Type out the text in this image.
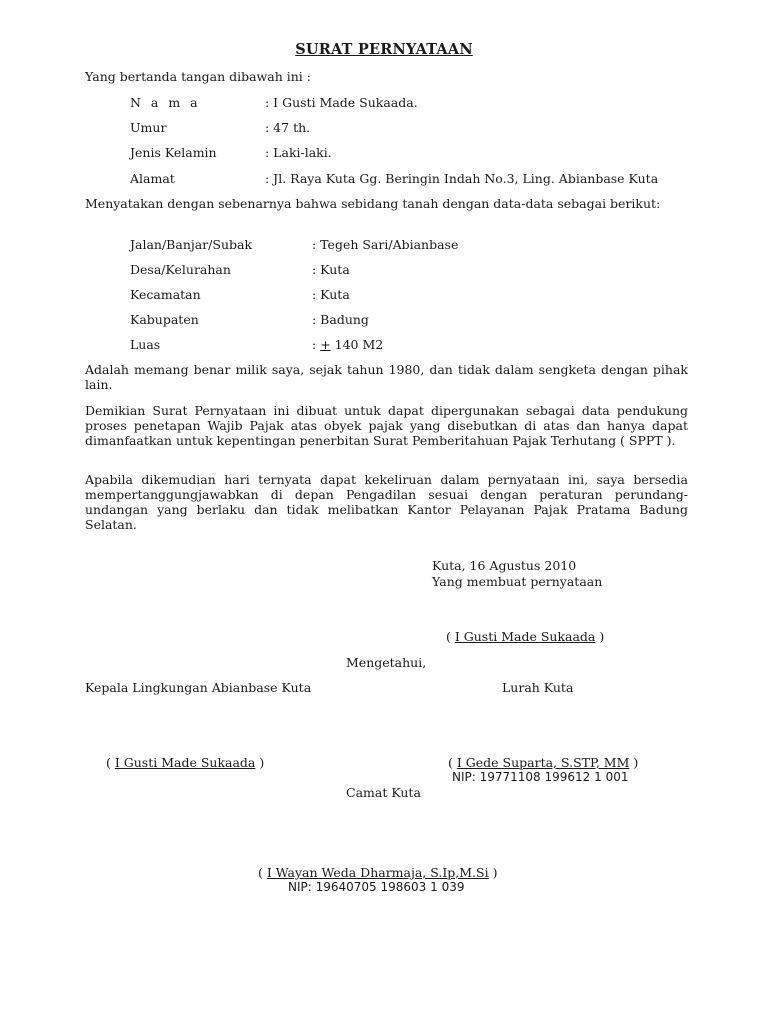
SURAT PERNYATAAN
Yang bertanda tangan dibawah ini :
N a m a	: I Gusti Made Sukaada.
Umur	: 47 th.
Jenis Kelamin	: Laki-laki.
Alamat	: Jl. Raya Kuta Gg. Beringin Indah No.3, Ling. Abianbase Kuta
Menyatakan dengan sebenarnya bahwa sebidang tanah dengan data-data sebagai berikut:
Jalan/Banjar/Subak	: Tegeh Sari/Abianbase
Desa/Kelurahan	: Kuta
Kecamatan	: Kuta
Kabupaten	: Badung
Luas	: + 140 M2
Adalah memang benar milik saya, sejak tahun 1980, dan tidak dalam sengketa dengan pihak lain.
Demikian Surat Pernyataan ini dibuat untuk dapat dipergunakan sebagai data pendukung proses penetapan Wajib Pajak atas obyek pajak yang disebutkan di atas dan hanya dapat dimanfaatkan untuk kepentingan penerbitan Surat Pemberitahuan Pajak Terhutang ( SPPT ).
Apabila dikemudian hari ternyata dapat kekeliruan dalam pernyataan ini, saya bersedia mempertanggungjawabkan di depan Pengadilan sesuai dengan peraturan perundang-undangan yang berlaku dan tidak melibatkan Kantor Pelayanan Pajak Pratama Badung Selatan.
Kuta, 16 Agustus 2010
Yang membuat pernyataan
( I Gusti Made Sukaada )
Mengetahui,
Kepala Lingkungan Abianbase Kuta	Lurah Kuta
( I Gusti Made Sukaada )	( I Gede Suparta, S.STP, MM )
NIP: 19771108 199612 1 001
Camat Kuta
( I Wayan Weda Dharmaja, S.Ip,M.Si )
NIP: 19640705 198603 1 039
